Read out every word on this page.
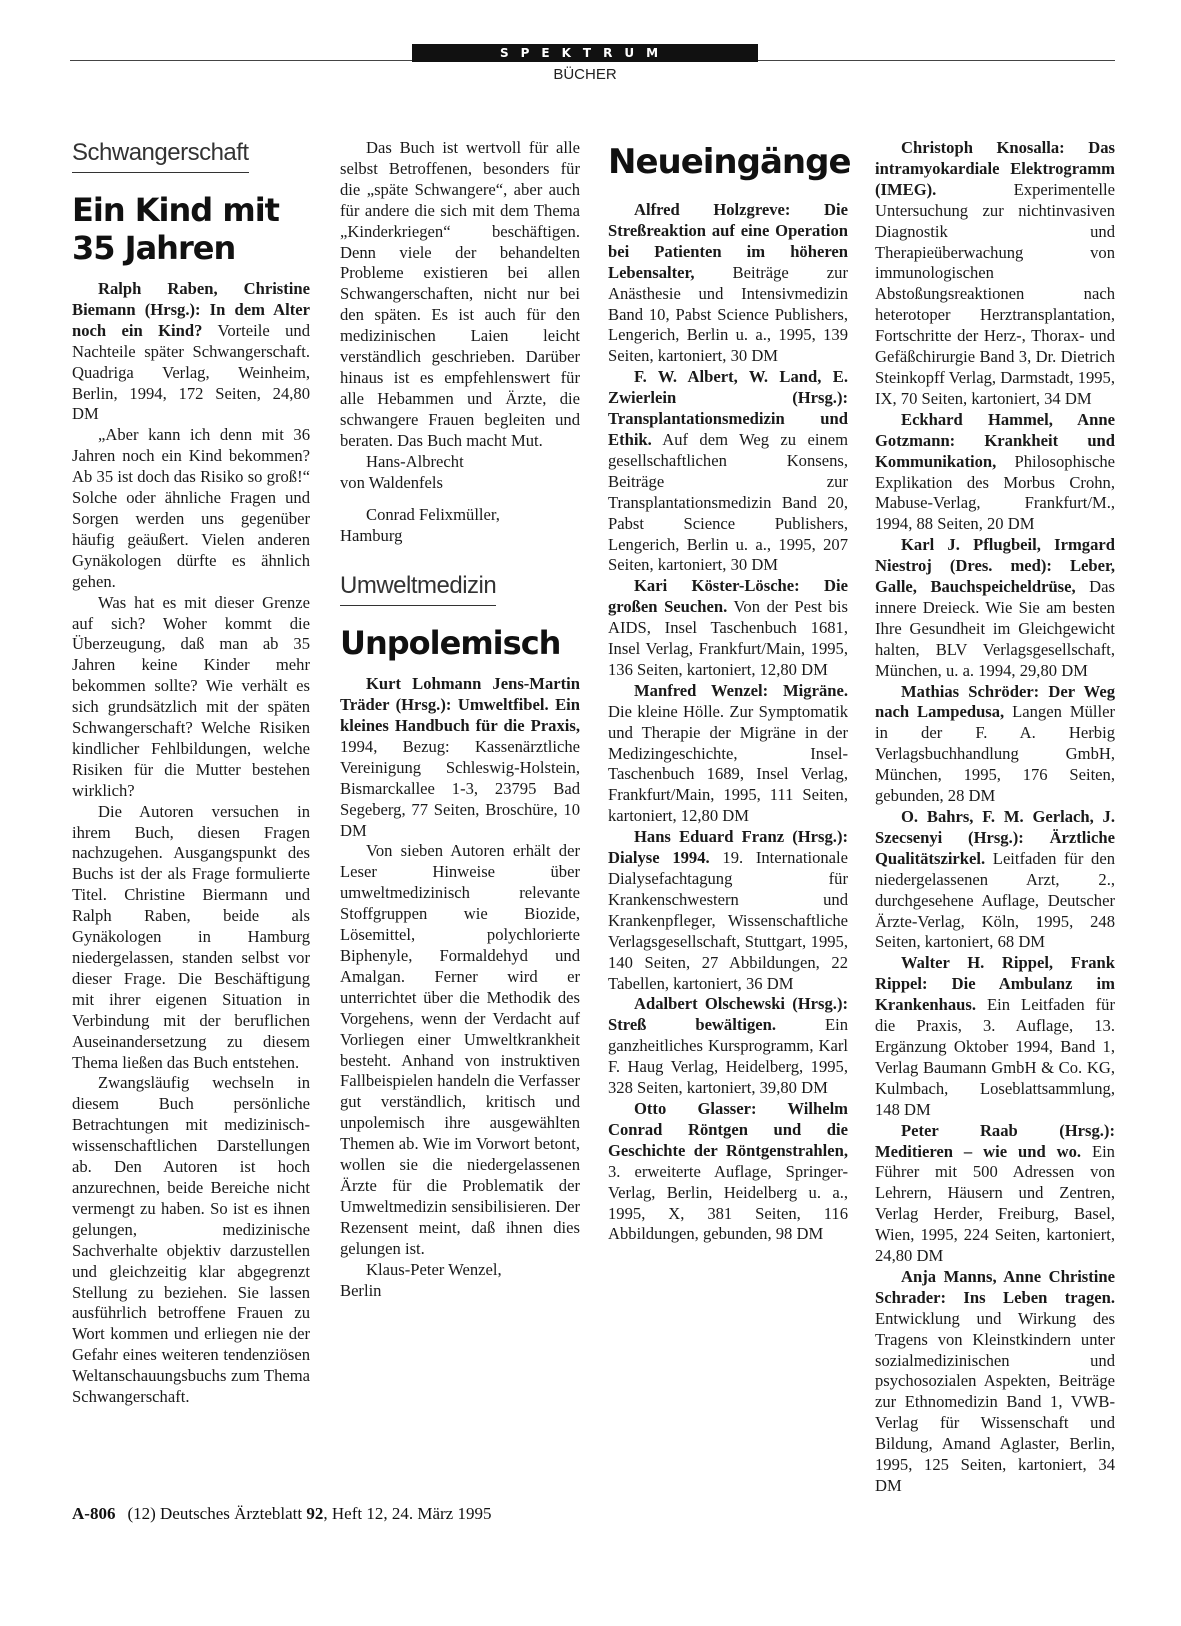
SPEKTRUM
BÜCHER
Schwangerschaft
Ein Kind mit
35 Jahren

Ralph Raben, Christine Biemann (Hrsg.): In dem Alter noch ein Kind? Vorteile und Nachteile später Schwangerschaft. Quadriga Verlag, Weinheim, Berlin, 1994, 172 Seiten, 24,80 DM

„Aber kann ich denn mit 36 Jahren noch ein Kind bekommen? Ab 35 ist doch das Risiko so groß!“ Solche oder ähnliche Fragen und Sorgen werden uns gegenüber häufig geäußert. Vielen anderen Gynäkologen dürfte es ähnlich gehen.

Was hat es mit dieser Grenze auf sich? Woher kommt die Überzeugung, daß man ab 35 Jahren keine Kinder mehr bekommen sollte? Wie verhält es sich grundsätzlich mit der späten Schwangerschaft? Welche Risiken kindlicher Fehlbildungen, welche Risiken für die Mutter bestehen wirklich?

Die Autoren versuchen in ihrem Buch, diesen Fragen nachzugehen. Ausgangspunkt des Buchs ist der als Frage formulierte Titel. Christine Biermann und Ralph Raben, beide als Gynäkologen in Hamburg niedergelassen, standen selbst vor dieser Frage. Die Beschäftigung mit ihrer eigenen Situation in Verbindung mit der beruflichen Auseinandersetzung zu diesem Thema ließen das Buch entstehen.

Zwangsläufig wechseln in diesem Buch persönliche Betrachtungen mit medizinisch-wissenschaftlichen Darstellungen ab. Den Autoren ist hoch anzurechnen, beide Bereiche nicht vermengt zu haben. So ist es ihnen gelungen, medizinische Sachverhalte objektiv darzustellen und gleichzeitig klar abgegrenzt Stellung zu beziehen. Sie lassen ausführlich betroffene Frauen zu Wort kommen und erliegen nie der Gefahr eines weiteren tendenziösen Weltanschauungsbuchs zum Thema Schwangerschaft.

Das Buch ist wertvoll für alle selbst Betroffenen, besonders für die „späte Schwangere“, aber auch für andere die sich mit dem Thema „Kinderkriegen“ beschäftigen. Denn viele der behandelten Probleme existieren bei allen Schwangerschaften, nicht nur bei den späten. Es ist auch für den medizinischen Laien leicht verständlich geschrieben. Darüber hinaus ist es empfehlenswert für alle Hebammen und Ärzte, die schwangere Frauen begleiten und beraten. Das Buch macht Mut.

Hans-Albrecht
von Waldenfels

Conrad Felixmüller,
Hamburg

Umweltmedizin
Unpolemisch

Kurt Lohmann Jens-Martin Träder (Hrsg.): Umweltfibel. Ein kleines Handbuch für die Praxis, 1994, Bezug: Kassenärztliche Vereinigung Schleswig-Holstein, Bismarckallee 1-3, 23795 Bad Segeberg, 77 Seiten, Broschüre, 10 DM

Von sieben Autoren erhält der Leser Hinweise über umweltmedizinisch relevante Stoffgruppen wie Biozide, Lösemittel, polychlorierte Biphenyle, Formaldehyd und Amalgan. Ferner wird er unterrichtet über die Methodik des Vorgehens, wenn der Verdacht auf Vorliegen einer Umweltkrankheit besteht. Anhand von instruktiven Fallbeispielen handeln die Verfasser gut verständlich, kritisch und unpolemisch ihre ausgewählten Themen ab. Wie im Vorwort betont, wollen sie die niedergelassenen Ärzte für die Problematik der Umweltmedizin sensibilisieren. Der Rezensent meint, daß ihnen dies gelungen ist.

Klaus-Peter Wenzel,
Berlin

Neueingänge

Alfred Holzgreve: Die Streßreaktion auf eine Operation bei Patienten im höheren Lebensalter, Beiträge zur Anästhesie und Intensivmedizin Band 10, Pabst Science Publishers, Lengerich, Berlin u. a., 1995, 139 Seiten, kartoniert, 30 DM

F. W. Albert, W. Land, E. Zwierlein (Hrsg.): Transplantationsmedizin und Ethik. Auf dem Weg zu einem gesellschaftlichen Konsens, Beiträge zur Transplantationsmedizin Band 20, Pabst Science Publishers, Lengerich, Berlin u. a., 1995, 207 Seiten, kartoniert, 30 DM

Kari Köster-Lösche: Die großen Seuchen. Von der Pest bis AIDS, Insel Taschenbuch 1681, Insel Verlag, Frankfurt/Main, 1995, 136 Seiten, kartoniert, 12,80 DM

Manfred Wenzel: Migräne. Die kleine Hölle. Zur Symptomatik und Therapie der Migräne in der Medizingeschichte, Insel-Taschenbuch 1689, Insel Verlag, Frankfurt/Main, 1995, 111 Seiten, kartoniert, 12,80 DM

Hans Eduard Franz (Hrsg.): Dialyse 1994. 19. Internationale Dialysefachtagung für Krankenschwestern und Krankenpfleger, Wissenschaftliche Verlagsgesellschaft, Stuttgart, 1995, 140 Seiten, 27 Abbildungen, 22 Tabellen, kartoniert, 36 DM

Adalbert Olschewski (Hrsg.): Streß bewältigen. Ein ganzheitliches Kursprogramm, Karl F. Haug Verlag, Heidelberg, 1995, 328 Seiten, kartoniert, 39,80 DM

Otto Glasser: Wilhelm Conrad Röntgen und die Geschichte der Röntgenstrahlen, 3. erweiterte Auflage, Springer-Verlag, Berlin, Heidelberg u. a., 1995, X, 381 Seiten, 116 Abbildungen, gebunden, 98 DM

Christoph Knosalla: Das intramyokardiale Elektrogramm (IMEG). Experimentelle Untersuchung zur nichtinvasiven Diagnostik und Therapieüberwachung von immunologischen Abstoßungsreaktionen nach heterotoper Herztransplantation, Fortschritte der Herz-, Thorax- und Gefäßchirurgie Band 3, Dr. Dietrich Steinkopff Verlag, Darmstadt, 1995, IX, 70 Seiten, kartoniert, 34 DM

Eckhard Hammel, Anne Gotzmann: Krankheit und Kommunikation, Philosophische Explikation des Morbus Crohn, Mabuse-Verlag, Frankfurt/M., 1994, 88 Seiten, 20 DM

Karl J. Pflugbeil, Irmgard Niestroj (Dres. med): Leber, Galle, Bauchspeicheldrüse, Das innere Dreieck. Wie Sie am besten Ihre Gesundheit im Gleichgewicht halten, BLV Verlagsgesellschaft, München, u. a. 1994, 29,80 DM

Mathias Schröder: Der Weg nach Lampedusa, Langen Müller in der F. A. Herbig Verlagsbuchhandlung GmbH, München, 1995, 176 Seiten, gebunden, 28 DM

O. Bahrs, F. M. Gerlach, J. Szecsenyi (Hrsg.): Ärztliche Qualitätszirkel. Leitfaden für den niedergelassenen Arzt, 2., durchgesehene Auflage, Deutscher Ärzte-Verlag, Köln, 1995, 248 Seiten, kartoniert, 68 DM

Walter H. Rippel, Frank Rippel: Die Ambulanz im Krankenhaus. Ein Leitfaden für die Praxis, 3. Auflage, 13. Ergänzung Oktober 1994, Band 1, Verlag Baumann GmbH & Co. KG, Kulmbach, Loseblattsammlung, 148 DM

Peter Raab (Hrsg.): Meditieren – wie und wo. Ein Führer mit 500 Adressen von Lehrern, Häusern und Zentren, Verlag Herder, Freiburg, Basel, Wien, 1995, 224 Seiten, kartoniert, 24,80 DM

Anja Manns, Anne Christine Schrader: Ins Leben tragen. Entwicklung und Wirkung des Tragens von Kleinstkindern unter sozialmedizinischen und psychosozialen Aspekten, Beiträge zur Ethnomedizin Band 1, VWB-Verlag für Wissenschaft und Bildung, Amand Aglaster, Berlin, 1995, 125 Seiten, kartoniert, 34 DM

A-806 (12) Deutsches Ärzteblatt 92, Heft 12, 24. März 1995
